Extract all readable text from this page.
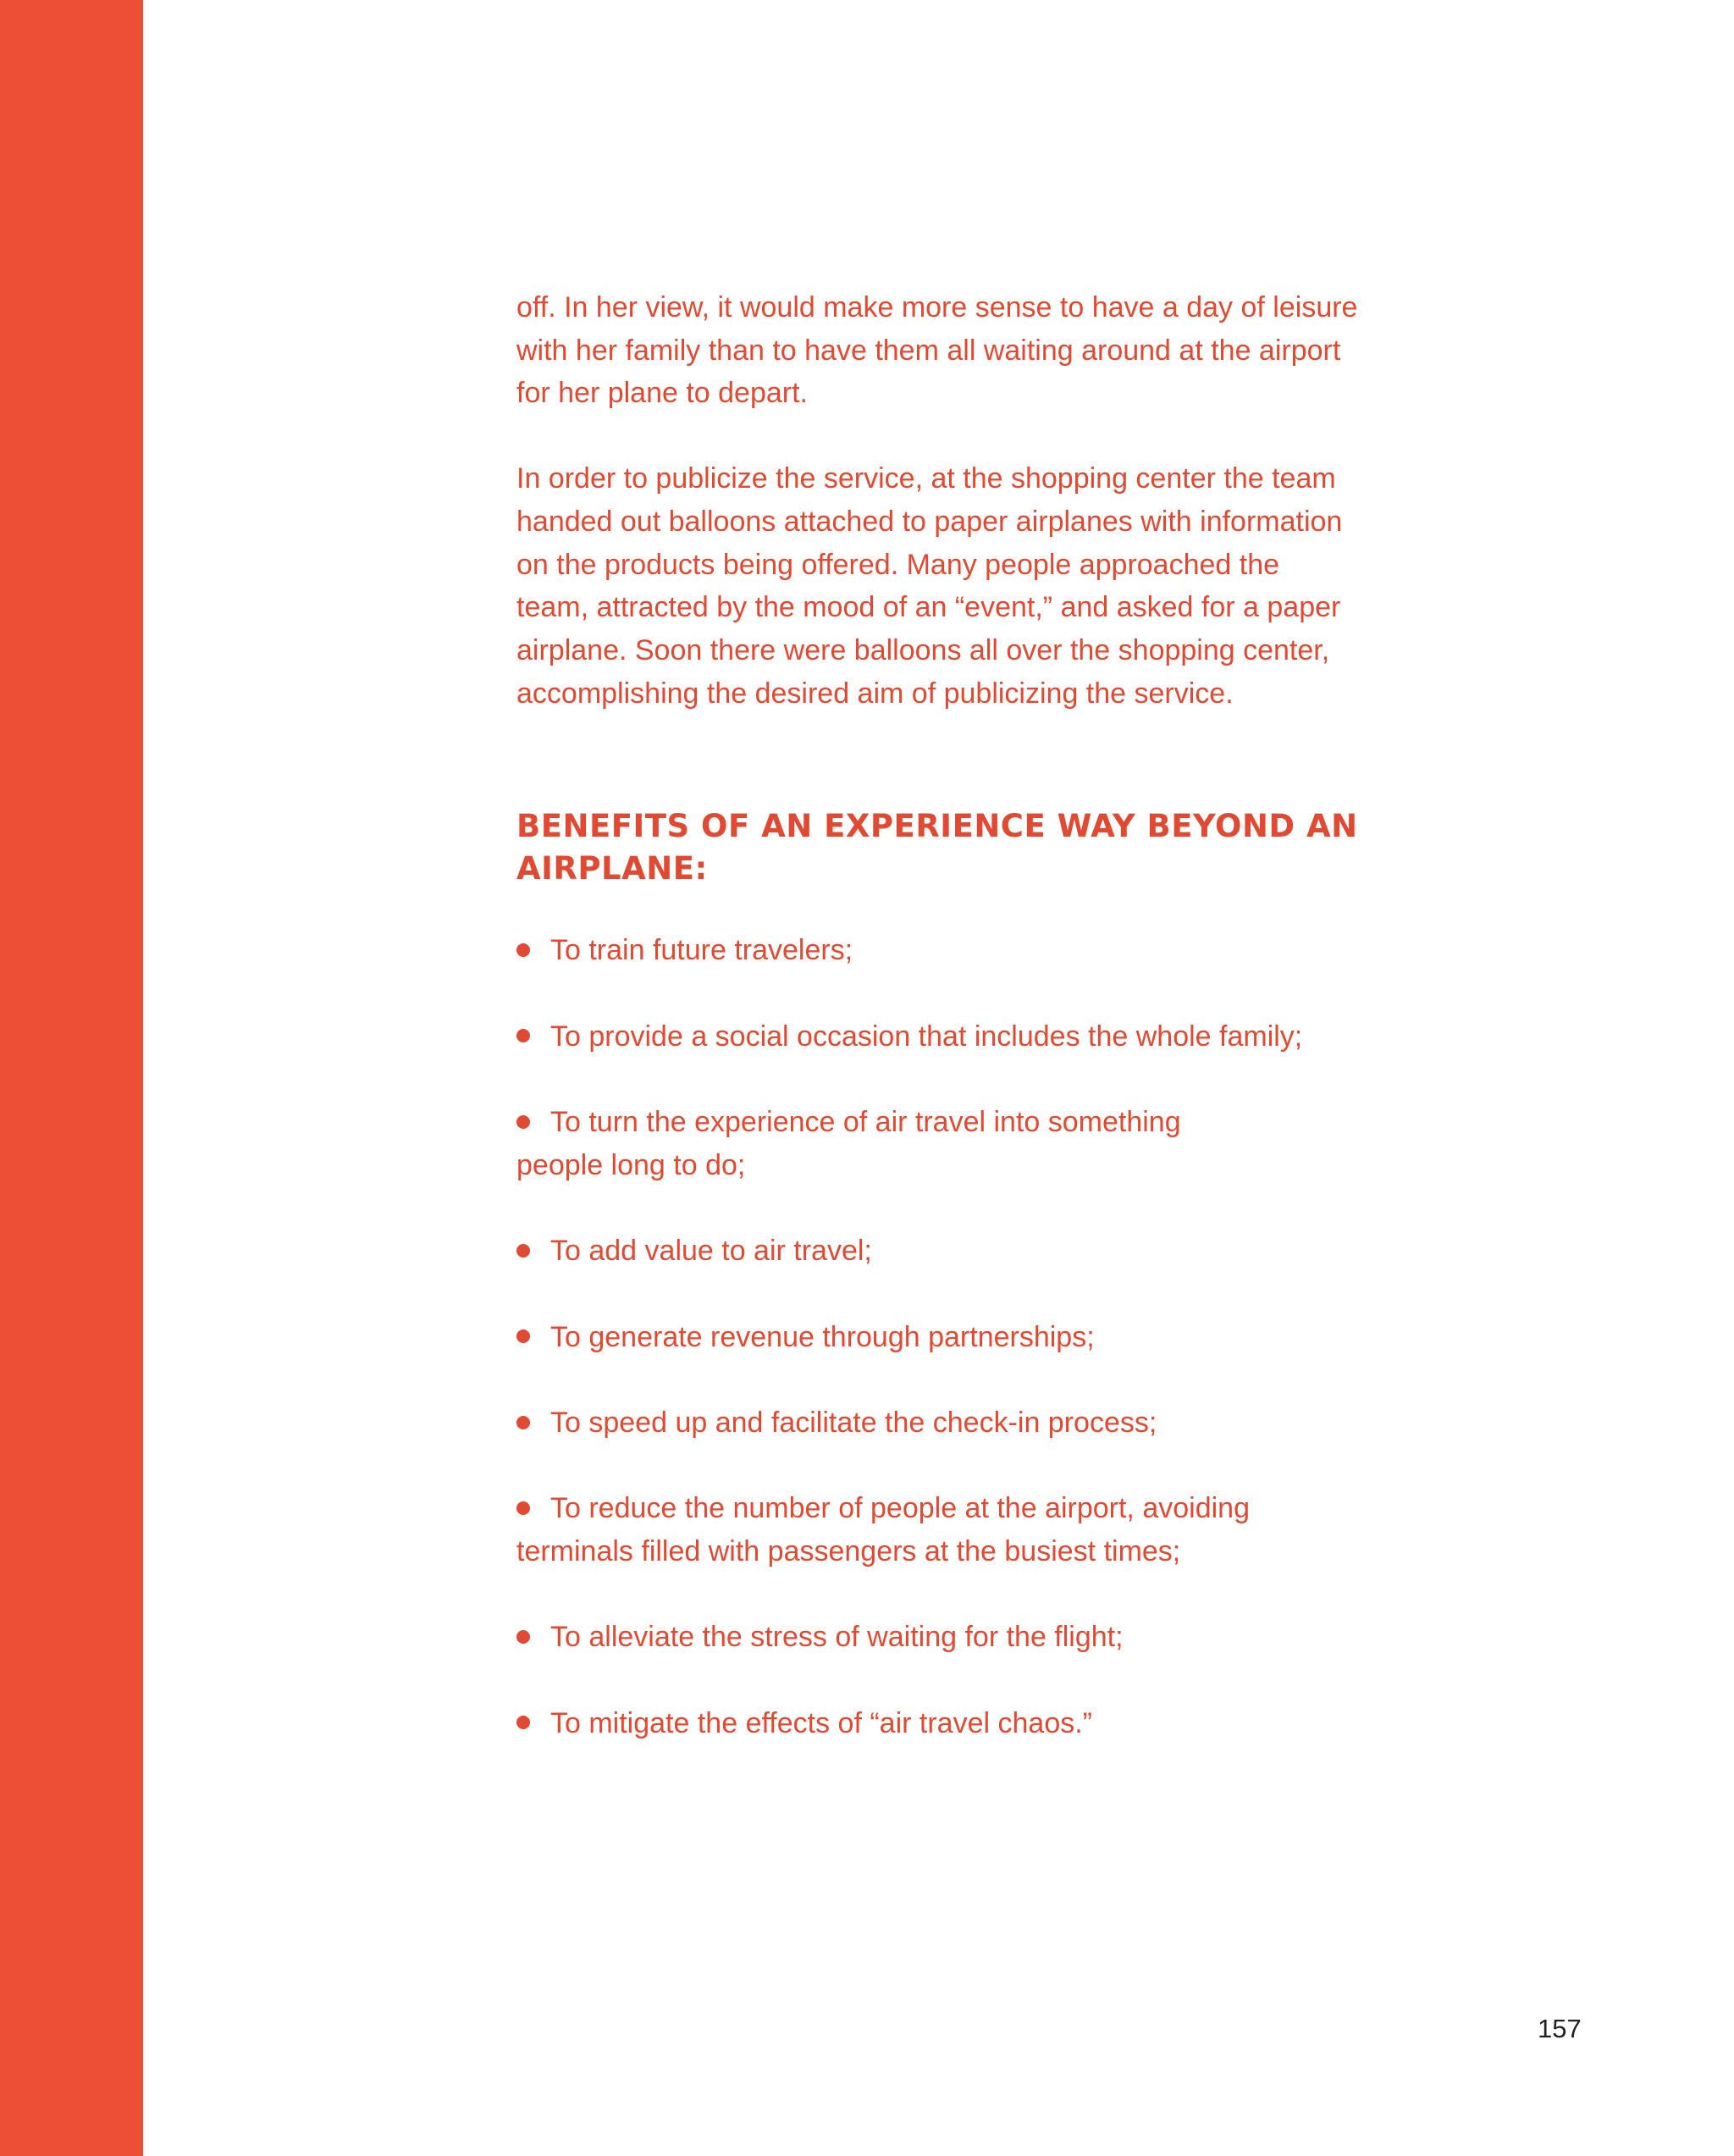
off. In her view, it would make more sense to have a day of leisure
with her family than to have them all waiting around at the airport
for her plane to depart.

In order to publicize the service, at the shopping center the team
handed out balloons attached to paper airplanes with information
on the products being offered. Many people approached the
team, attracted by the mood of an “event,” and asked for a paper
airplane. Soon there were balloons all over the shopping center,
accomplishing the desired aim of publicizing the service.

BENEFITS OF AN EXPERIENCE WAY BEYOND AN
AIRPLANE:
To train future travelers;
To provide a social occasion that includes the whole family;
To turn the experience of air travel into something
people long to do;
To add value to air travel;
To generate revenue through partnerships;
To speed up and facilitate the check-in process;
To reduce the number of people at the airport, avoiding
terminals filled with passengers at the busiest times;
To alleviate the stress of waiting for the flight;
To mitigate the effects of “air travel chaos.”
157
